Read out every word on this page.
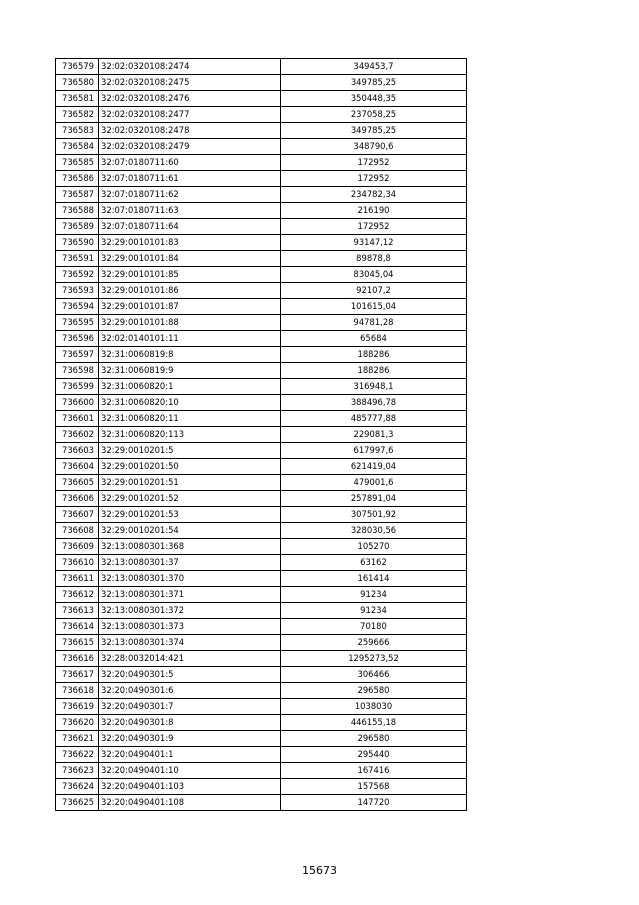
736579	32:02:0320108:2474	349453,7
736580	32:02:0320108:2475	349785,25
736581	32:02:0320108:2476	350448,35
736582	32:02:0320108:2477	237058,25
736583	32:02:0320108:2478	349785,25
736584	32:02:0320108:2479	348790,6
736585	32:07:0180711:60	172952
736586	32:07:0180711:61	172952
736587	32:07:0180711:62	234782,34
736588	32:07:0180711:63	216190
736589	32:07:0180711:64	172952
736590	32:29:0010101:83	93147,12
736591	32:29:0010101:84	89878,8
736592	32:29:0010101:85	83045,04
736593	32:29:0010101:86	92107,2
736594	32:29:0010101:87	101615,04
736595	32:29:0010101:88	94781,28
736596	32:02:0140101:11	65684
736597	32:31:0060819:8	188286
736598	32:31:0060819:9	188286
736599	32:31:0060820:1	316948,1
736600	32:31:0060820:10	388496,78
736601	32:31:0060820:11	485777,88
736602	32:31:0060820:113	229081,3
736603	32:29:0010201:5	617997,6
736604	32:29:0010201:50	621419,04
736605	32:29:0010201:51	479001,6
736606	32:29:0010201:52	257891,04
736607	32:29:0010201:53	307501,92
736608	32:29:0010201:54	328030,56
736609	32:13:0080301:368	105270
736610	32:13:0080301:37	63162
736611	32:13:0080301:370	161414
736612	32:13:0080301:371	91234
736613	32:13:0080301:372	91234
736614	32:13:0080301:373	70180
736615	32:13:0080301:374	259666
736616	32:28:0032014:421	1295273,52
736617	32:20:0490301:5	306466
736618	32:20:0490301:6	296580
736619	32:20:0490301:7	1038030
736620	32:20:0490301:8	446155,18
736621	32:20:0490301:9	296580
736622	32:20:0490401:1	295440
736623	32:20:0490401:10	167416
736624	32:20:0490401:103	157568
736625	32:20:0490401:108	147720
15673
